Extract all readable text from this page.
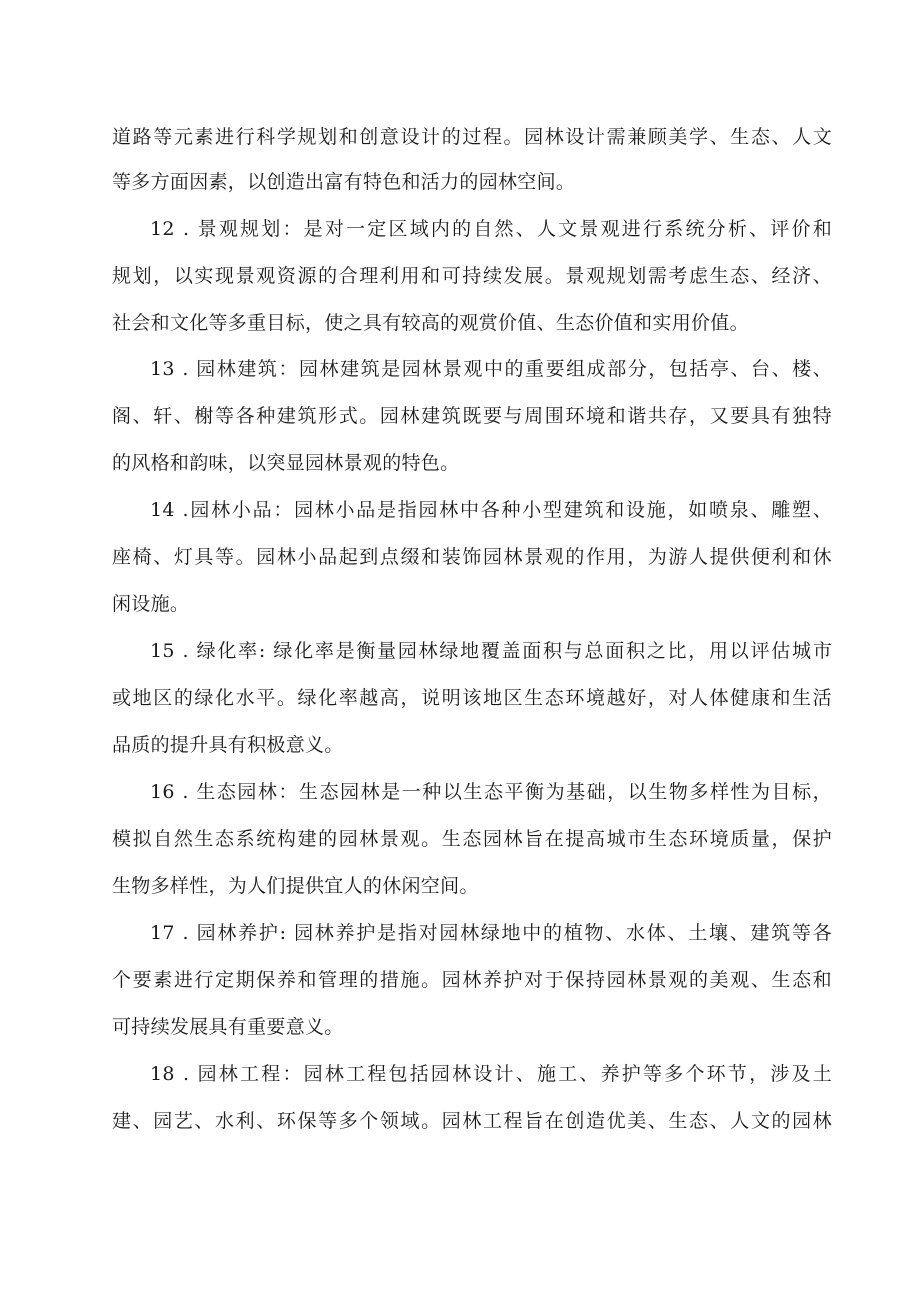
道路等元素进行科学规划和创意设计的过程。园林设计需兼顾美学、生态、人文

等多方面因素，以创造出富有特色和活力的园林空间。

12 . 景观规划：是对一定区域内的自然、人文景观进行系统分析、评价和

规划，以实现景观资源的合理利用和可持续发展。景观规划需考虑生态、经济、

社会和文化等多重目标，使之具有较高的观赏价值、生态价值和实用价值。

13 . 园林建筑：园林建筑是园林景观中的重要组成部分，包括亭、台、楼、

阁、轩、榭等各种建筑形式。园林建筑既要与周围环境和谐共存，又要具有独特

的风格和韵味，以突显园林景观的特色。

14 .园林小品：园林小品是指园林中各种小型建筑和设施，如喷泉、雕塑、

座椅、灯具等。园林小品起到点缀和装饰园林景观的作用，为游人提供便利和休

闲设施。

15 . 绿化率: 绿化率是衡量园林绿地覆盖面积与总面积之比，用以评估城市

或地区的绿化水平。绿化率越高，说明该地区生态环境越好，对人体健康和生活

品质的提升具有积极意义。

16 . 生态园林：生态园林是一种以生态平衡为基础，以生物多样性为目标，

模拟自然生态系统构建的园林景观。生态园林旨在提高城市生态环境质量，保护

生物多样性，为人们提供宜人的休闲空间。

17 . 园林养护: 园林养护是指对园林绿地中的植物、水体、土壤、建筑等各

个要素进行定期保养和管理的措施。园林养护对于保持园林景观的美观、生态和

可持续发展具有重要意义。

18 . 园林工程：园林工程包括园林设计、施工、养护等多个环节，涉及土

建、园艺、水利、环保等多个领域。园林工程旨在创造优美、生态、人文的园林
